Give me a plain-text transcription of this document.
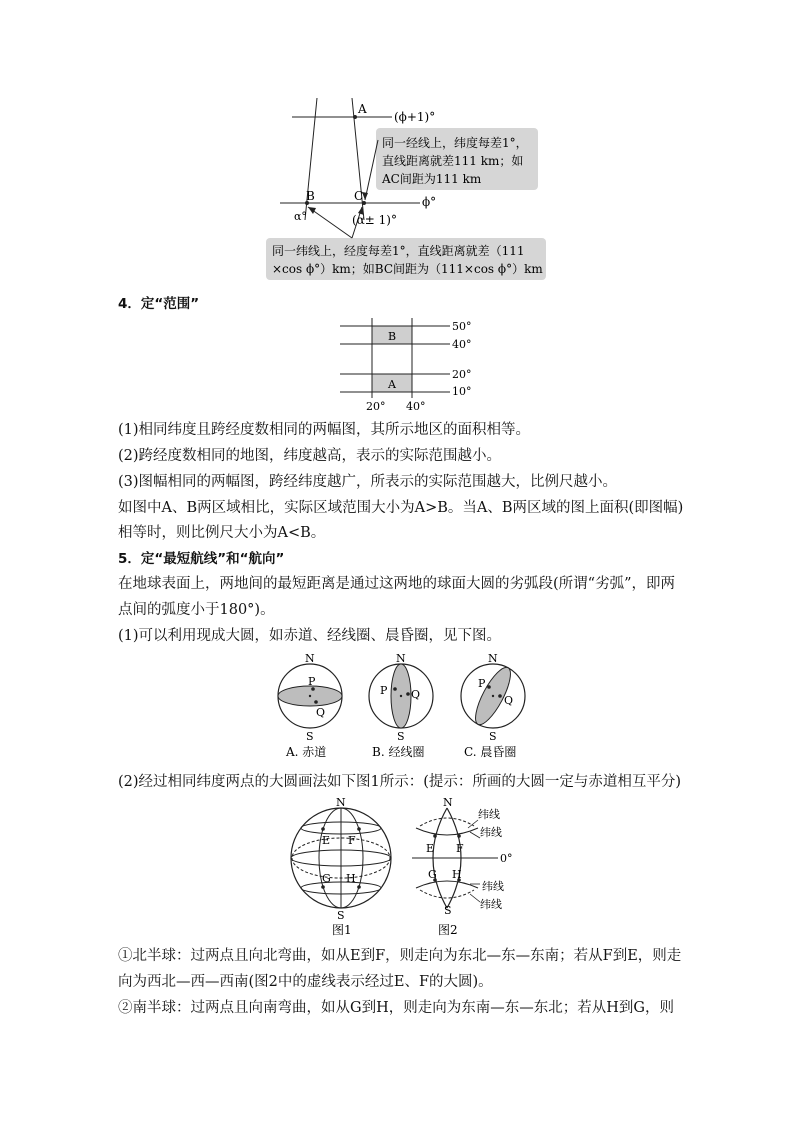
A
(ϕ+1)°
B	C	ϕ°
α°	(α± 1)°
同一经线上，纬度每差1°，
直线距离就差111 km；如
AC间距为111 km
同一纬线上，经度每差1°，直线距离就差（111
×cos ϕ°）km；如BC间距为（111×cos ϕ°）km
4．定“范围”
B
A
50°
40°
20°
10°
20° 40°
(1)相同纬度且跨经度数相同的两幅图，其所示地区的面积相等。
(2)跨经度数相同的地图，纬度越高，表示的实际范围越小。
(3)图幅相同的两幅图，跨经纬度越广，所表示的实际范围越大，比例尺越小。
如图中A、B两区域相比，实际区域范围大小为A>B。当A、B两区域的图上面积(即图幅)
相等时，则比例尺大小为A<B。
5．定“最短航线”和“航向”
在地球表面上，两地间的最短距离是通过这两地的球面大圆的劣弧段(所谓“劣弧”，即两
点间的弧度小于180°)。
(1)可以利用现成大圆，如赤道、经线圈、晨昏圈，见下图。
N
S
P
Q
A. 赤道
N
S
P Q
B. 经线圈
N
S
P
Q
C. 晨昏圈
(2)经过相同纬度两点的大圆画法如下图1所示：(提示：所画的大圆一定与赤道相互平分)
N
E F
G H
S
图1
N
纬线
纬线
E F
0°
G H
纬线
纬线
S
图2
①北半球：过两点且向北弯曲，如从E到F，则走向为东北—东—东南；若从F到E，则走
向为西北—西—西南(图2中的虚线表示经过E、F的大圆)。
②南半球：过两点且向南弯曲，如从G到H，则走向为东南—东—东北；若从H到G，则
